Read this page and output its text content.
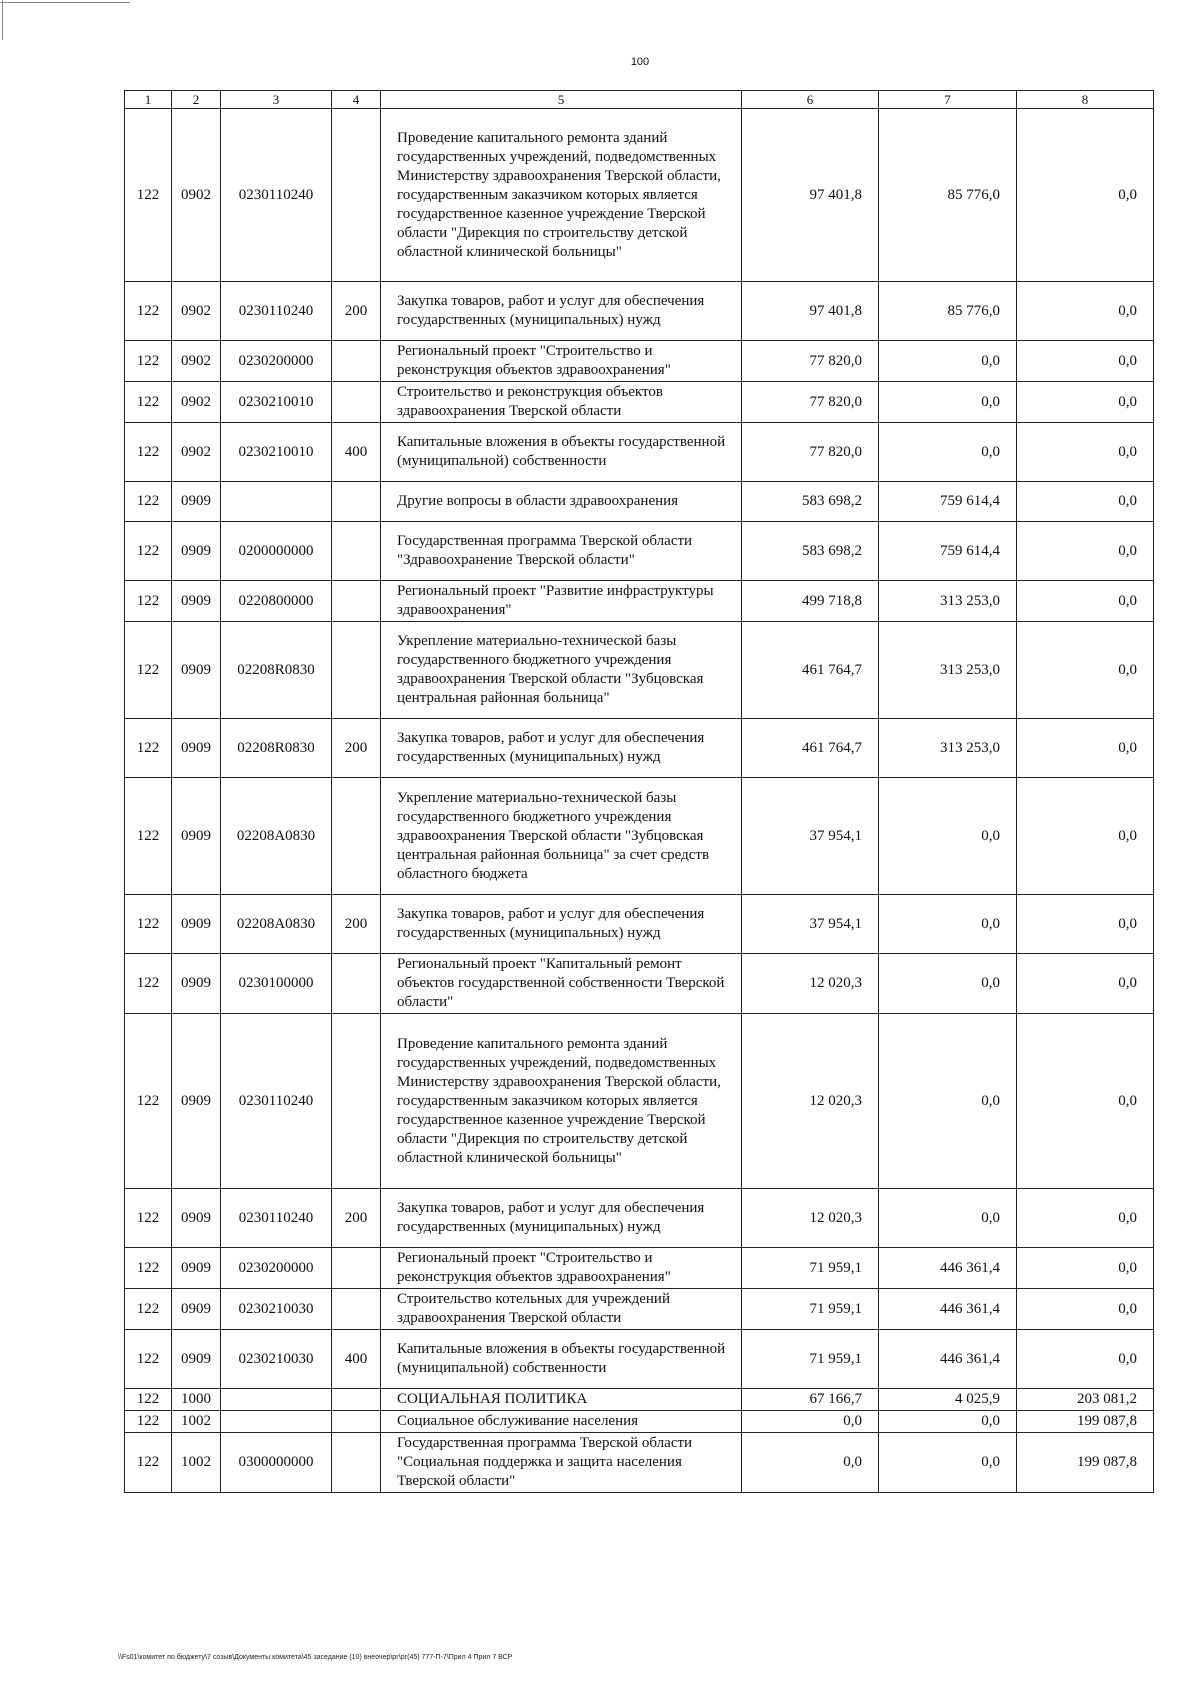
100
1	2	3	4	5	6	7	8
122	0902	0230110240		Проведение капитального ремонта зданий государственных учреждений, подведомственных Министерству здравоохранения Тверской области, государственным заказчиком которых является государственное казенное учреждение Тверской области "Дирекция по строительству детской областной клинической больницы"	97 401,8	85 776,0	0,0
122	0902	0230110240	200	Закупка товаров, работ и услуг для обеспечения государственных (муниципальных) нужд	97 401,8	85 776,0	0,0
122	0902	0230200000		Региональный проект "Строительство и реконструкция объектов здравоохранения"	77 820,0	0,0	0,0
122	0902	0230210010		Строительство и реконструкция объектов здравоохранения Тверской области	77 820,0	0,0	0,0
122	0902	0230210010	400	Капитальные вложения в объекты государственной (муниципальной) собственности	77 820,0	0,0	0,0
122	0909			Другие вопросы в области здравоохранения	583 698,2	759 614,4	0,0
122	0909	0200000000		Государственная программа Тверской области "Здравоохранение Тверской области"	583 698,2	759 614,4	0,0
122	0909	0220800000		Региональный проект "Развитие инфраструктуры здравоохранения"	499 718,8	313 253,0	0,0
122	0909	02208R0830		Укрепление материально-технической базы государственного бюджетного учреждения здравоохранения Тверской области "Зубцовская центральная районная больница"	461 764,7	313 253,0	0,0
122	0909	02208R0830	200	Закупка товаров, работ и услуг для обеспечения государственных (муниципальных) нужд	461 764,7	313 253,0	0,0
122	0909	02208A0830		Укрепление материально-технической базы государственного бюджетного учреждения здравоохранения Тверской области "Зубцовская центральная районная больница" за счет средств областного бюджета	37 954,1	0,0	0,0
122	0909	02208A0830	200	Закупка товаров, работ и услуг для обеспечения государственных (муниципальных) нужд	37 954,1	0,0	0,0
122	0909	0230100000		Региональный проект "Капитальный ремонт объектов государственной собственности Тверской области"	12 020,3	0,0	0,0
122	0909	0230110240		Проведение капитального ремонта зданий государственных учреждений, подведомственных Министерству здравоохранения Тверской области, государственным заказчиком которых является государственное казенное учреждение Тверской области "Дирекция по строительству детской областной клинической больницы"	12 020,3	0,0	0,0
122	0909	0230110240	200	Закупка товаров, работ и услуг для обеспечения государственных (муниципальных) нужд	12 020,3	0,0	0,0
122	0909	0230200000		Региональный проект "Строительство и реконструкция объектов здравоохранения"	71 959,1	446 361,4	0,0
122	0909	0230210030		Строительство котельных для учреждений здравоохранения Тверской области	71 959,1	446 361,4	0,0
122	0909	0230210030	400	Капитальные вложения в объекты государственной (муниципальной) собственности	71 959,1	446 361,4	0,0
122	1000			СОЦИАЛЬНАЯ ПОЛИТИКА	67 166,7	4 025,9	203 081,2
122	1002			Социальное обслуживание населения	0,0	0,0	199 087,8
122	1002	0300000000		Государственная программа Тверской области "Социальная поддержка и защита населения Тверской области"	0,0	0,0	199 087,8
\\Fs01\комитет по бюджету\7 созыв\Документы комитета\45 заседание (10) внеочер\рг\рг(45) 777-П-7\Прил 4 Прил 7 ВСР
